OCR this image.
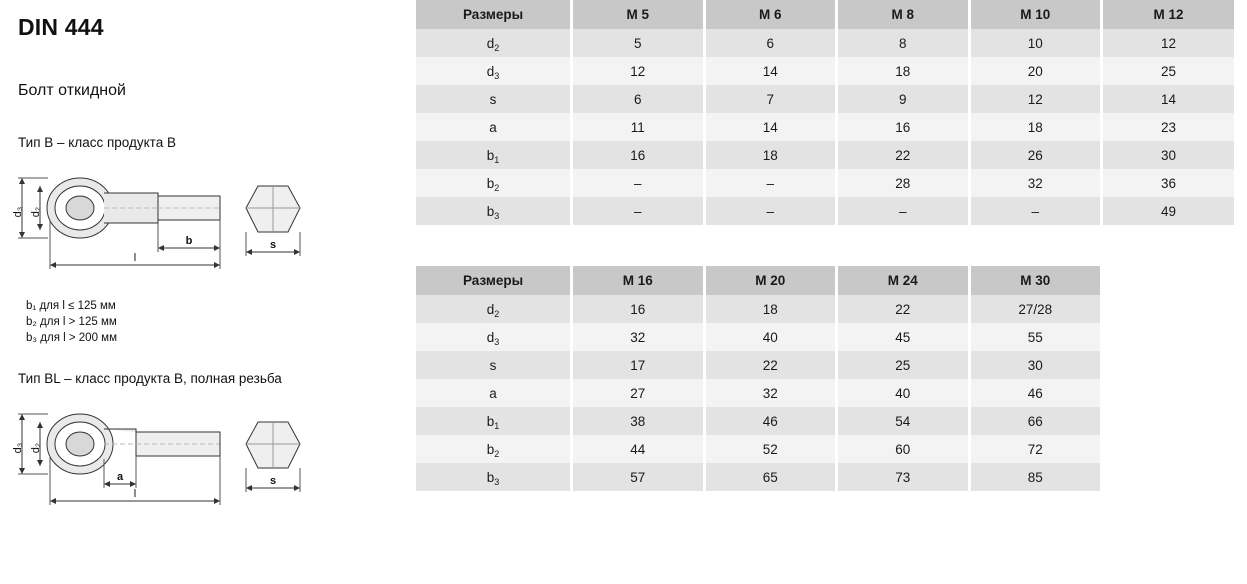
DIN 444
Болт откидной
Тип B – класс продукта B
d₃ d₂
b
l
s
b₁ для l ≤ 125 мм
b₂ для l > 125 мм
b₃ для l > 200 мм
Тип BL – класс продукта B, полная резьба
d₃ d₂
a
l
s
Размеры	M 5	M 6	M 8	M 10	M 12
$d_2$	5	6	8	10	12
$d_3$	12	14	18	20	25
s	6	7	9	12	14
a	11	14	16	18	23
$b_1$	16	18	22	26	30
$b_2$	–	–	28	32	36
$b_3$	–	–	–	–	49
Размеры	M 16	M 20	M 24	M 30	
$d_2$	16	18	22	27/28	
$d_3$	32	40	45	55	
s	17	22	25	30	
a	27	32	40	46	
$b_1$	38	46	54	66	
$b_2$	44	52	60	72	
$b_3$	57	65	73	85	
